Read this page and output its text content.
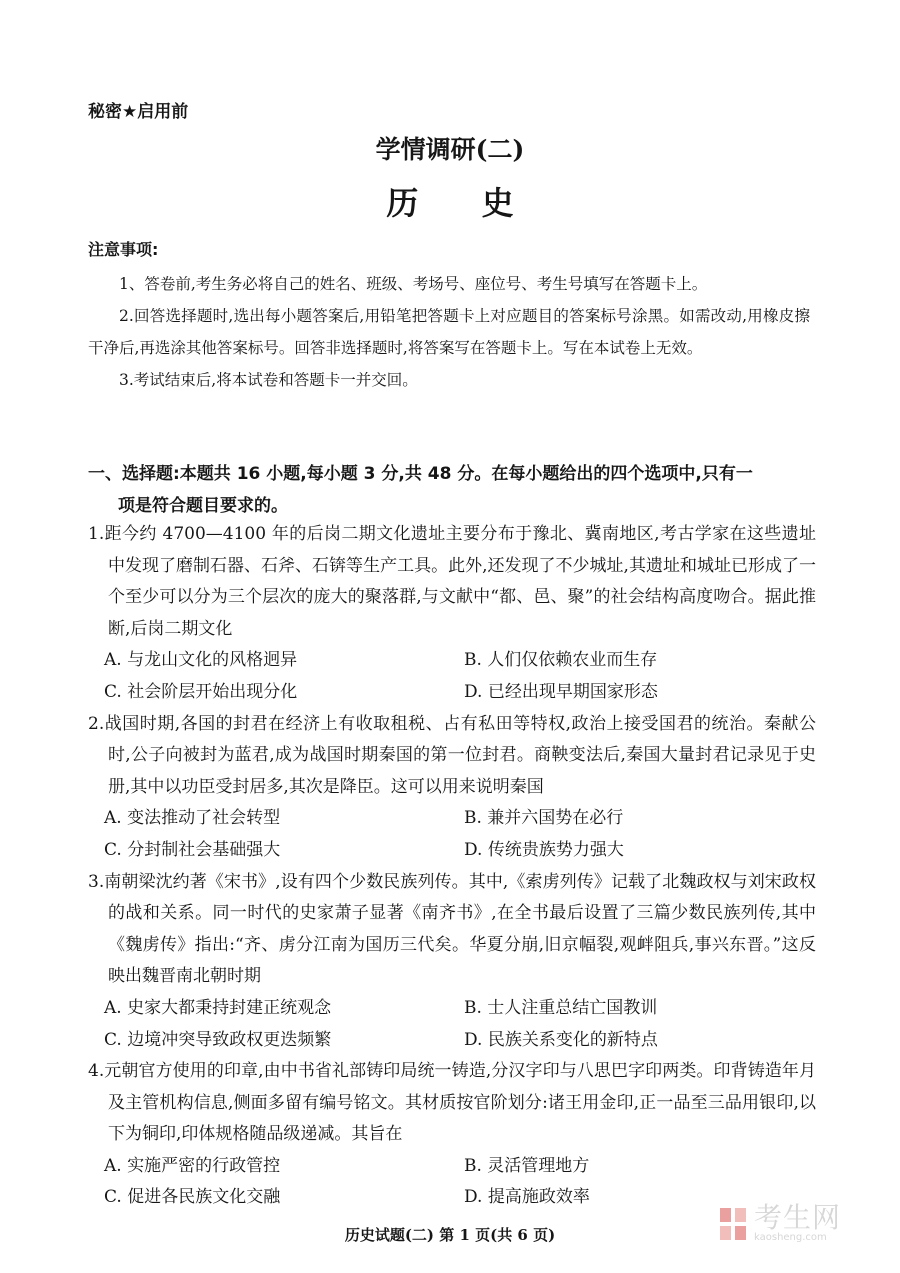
秘密★启用前
学情调研(二)
历 史
注意事项:

1、答卷前,考生务必将自己的姓名、班级、考场号、座位号、考生号填写在答题卡上。

2.回答选择题时,选出每小题答案后,用铅笔把答题卡上对应题目的答案标号涂黑。如需改动,用橡皮擦干净后,再选涂其他答案标号。回答非选择题时,将答案写在答题卡上。写在本试卷上无效。

3.考试结束后,将本试卷和答题卡一并交回。

一、选择题:本题共 16 小题,每小题 3 分,共 48 分。在每小题给出的四个选项中,只有一
项是符合题目要求的。
1.距今约 4700—4100 年的后岗二期文化遗址主要分布于豫北、冀南地区,考古学家在这些遗址中发现了磨制石器、石斧、石锛等生产工具。此外,还发现了不少城址,其遗址和城址已形成了一个至少可以分为三个层次的庞大的聚落群,与文献中“都、邑、聚”的社会结构高度吻合。据此推断,后岗二期文化
A. 与龙山文化的风格迥异	B. 人们仅依赖农业而生存
C. 社会阶层开始出现分化	D. 已经出现早期国家形态
2.战国时期,各国的封君在经济上有收取租税、占有私田等特权,政治上接受国君的统治。秦献公时,公子向被封为蓝君,成为战国时期秦国的第一位封君。商鞅变法后,秦国大量封君记录见于史册,其中以功臣受封居多,其次是降臣。这可以用来说明秦国
A. 变法推动了社会转型	B. 兼并六国势在必行
C. 分封制社会基础强大	D. 传统贵族势力强大
3.南朝梁沈约著《宋书》,设有四个少数民族列传。其中,《索虏列传》记载了北魏政权与刘宋政权的战和关系。同一时代的史家萧子显著《南齐书》,在全书最后设置了三篇少数民族列传,其中《魏虏传》指出:“齐、虏分江南为国历三代矣。华夏分崩,旧京幅裂,观衅阻兵,事兴东晋。”这反映出魏晋南北朝时期
A. 史家大都秉持封建正统观念	B. 士人注重总结亡国教训
C. 边境冲突导致政权更迭频繁	D. 民族关系变化的新特点
4.元朝官方使用的印章,由中书省礼部铸印局统一铸造,分汉字印与八思巴字印两类。印背铸造年月及主管机构信息,侧面多留有编号铭文。其材质按官阶划分:诸王用金印,正一品至三品用银印,以下为铜印,印体规格随品级递减。其旨在
A. 实施严密的行政管控	B. 灵活管理地方
C. 促进各民族文化交融	D. 提高施政效率
历史试题(二) 第 1 页(共 6 页)
考生网
kaosheng.com
